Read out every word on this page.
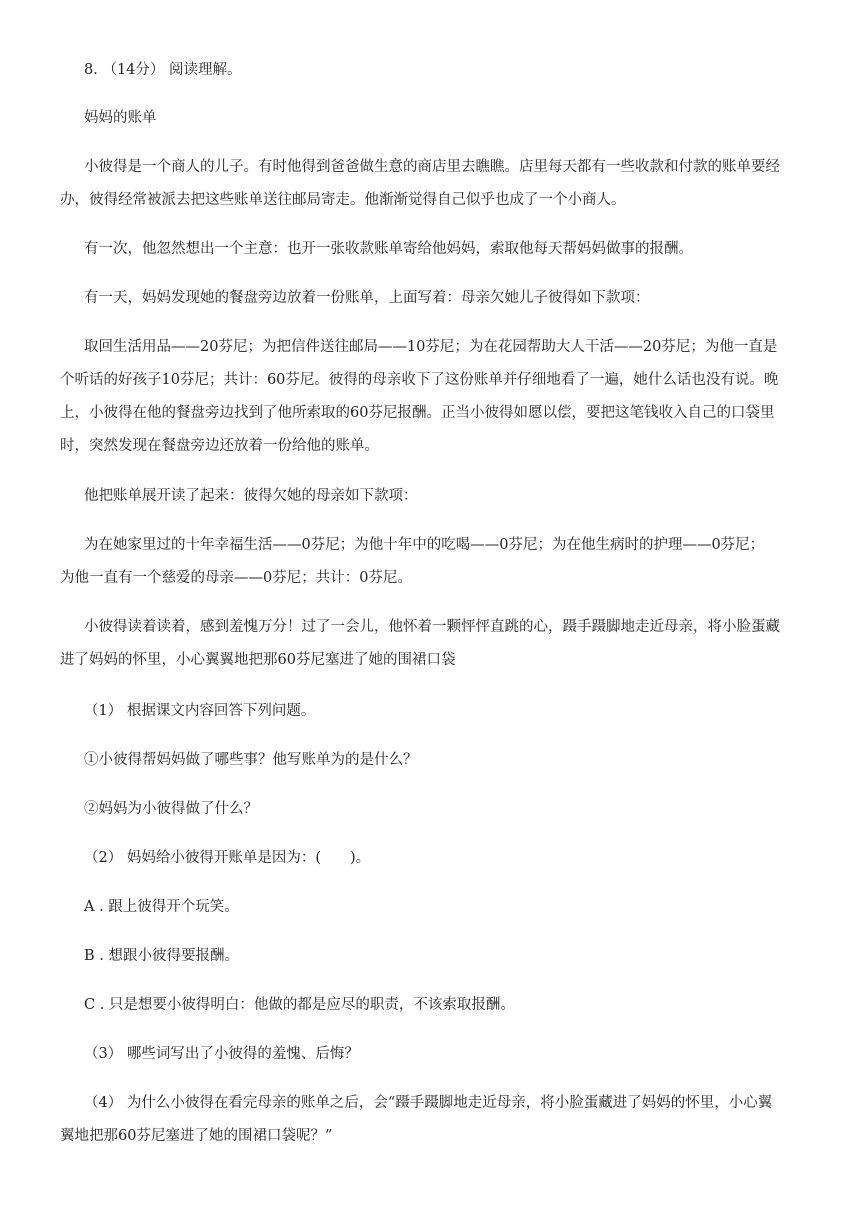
8. （14分） 阅读理解。
妈妈的账单
小彼得是一个商人的儿子。有时他得到爸爸做生意的商店里去瞧瞧。店里每天都有一些收款和付款的账单要经
办，彼得经常被派去把这些账单送往邮局寄走。他渐渐觉得自己似乎也成了一个小商人。
有一次，他忽然想出一个主意：也开一张收款账单寄给他妈妈，索取他每天帮妈妈做事的报酬。
有一天，妈妈发现她的餐盘旁边放着一份账单，上面写着：母亲欠她儿子彼得如下款项：
取回生活用品——20芬尼；为把信件送往邮局——10芬尼；为在花园帮助大人干活——20芬尼；为他一直是
个听话的好孩子10芬尼；共计：60芬尼。彼得的母亲收下了这份账单并仔细地看了一遍，她什么话也没有说。晚
上，小彼得在他的餐盘旁边找到了他所索取的60芬尼报酬。正当小彼得如愿以偿，要把这笔钱收入自己的口袋里
时，突然发现在餐盘旁边还放着一份给他的账单。
他把账单展开读了起来：彼得欠她的母亲如下款项：
为在她家里过的十年幸福生活——0芬尼；为他十年中的吃喝——0芬尼；为在他生病时的护理——0芬尼；
为他一直有一个慈爱的母亲——0芬尼；共计：0芬尼。
小彼得读着读着，感到羞愧万分！过了一会儿，他怀着一颗怦怦直跳的心，蹑手蹑脚地走近母亲，将小脸蛋藏
进了妈妈的怀里，小心翼翼地把那60芬尼塞进了她的围裙口袋
（1） 根据课文内容回答下列问题。
①小彼得帮妈妈做了哪些事？他写账单为的是什么？
②妈妈为小彼得做了什么？
（2） 妈妈给小彼得开账单是因为：(　　)。
A . 跟上彼得开个玩笑。
B . 想跟小彼得要报酬。
C . 只是想要小彼得明白：他做的都是应尽的职责，不该索取报酬。
（3） 哪些词写出了小彼得的羞愧、后悔？
（4） 为什么小彼得在看完母亲的账单之后，会“蹑手蹑脚地走近母亲，将小脸蛋藏进了妈妈的怀里，小心翼
翼地把那60芬尼塞进了她的围裙口袋呢？”
